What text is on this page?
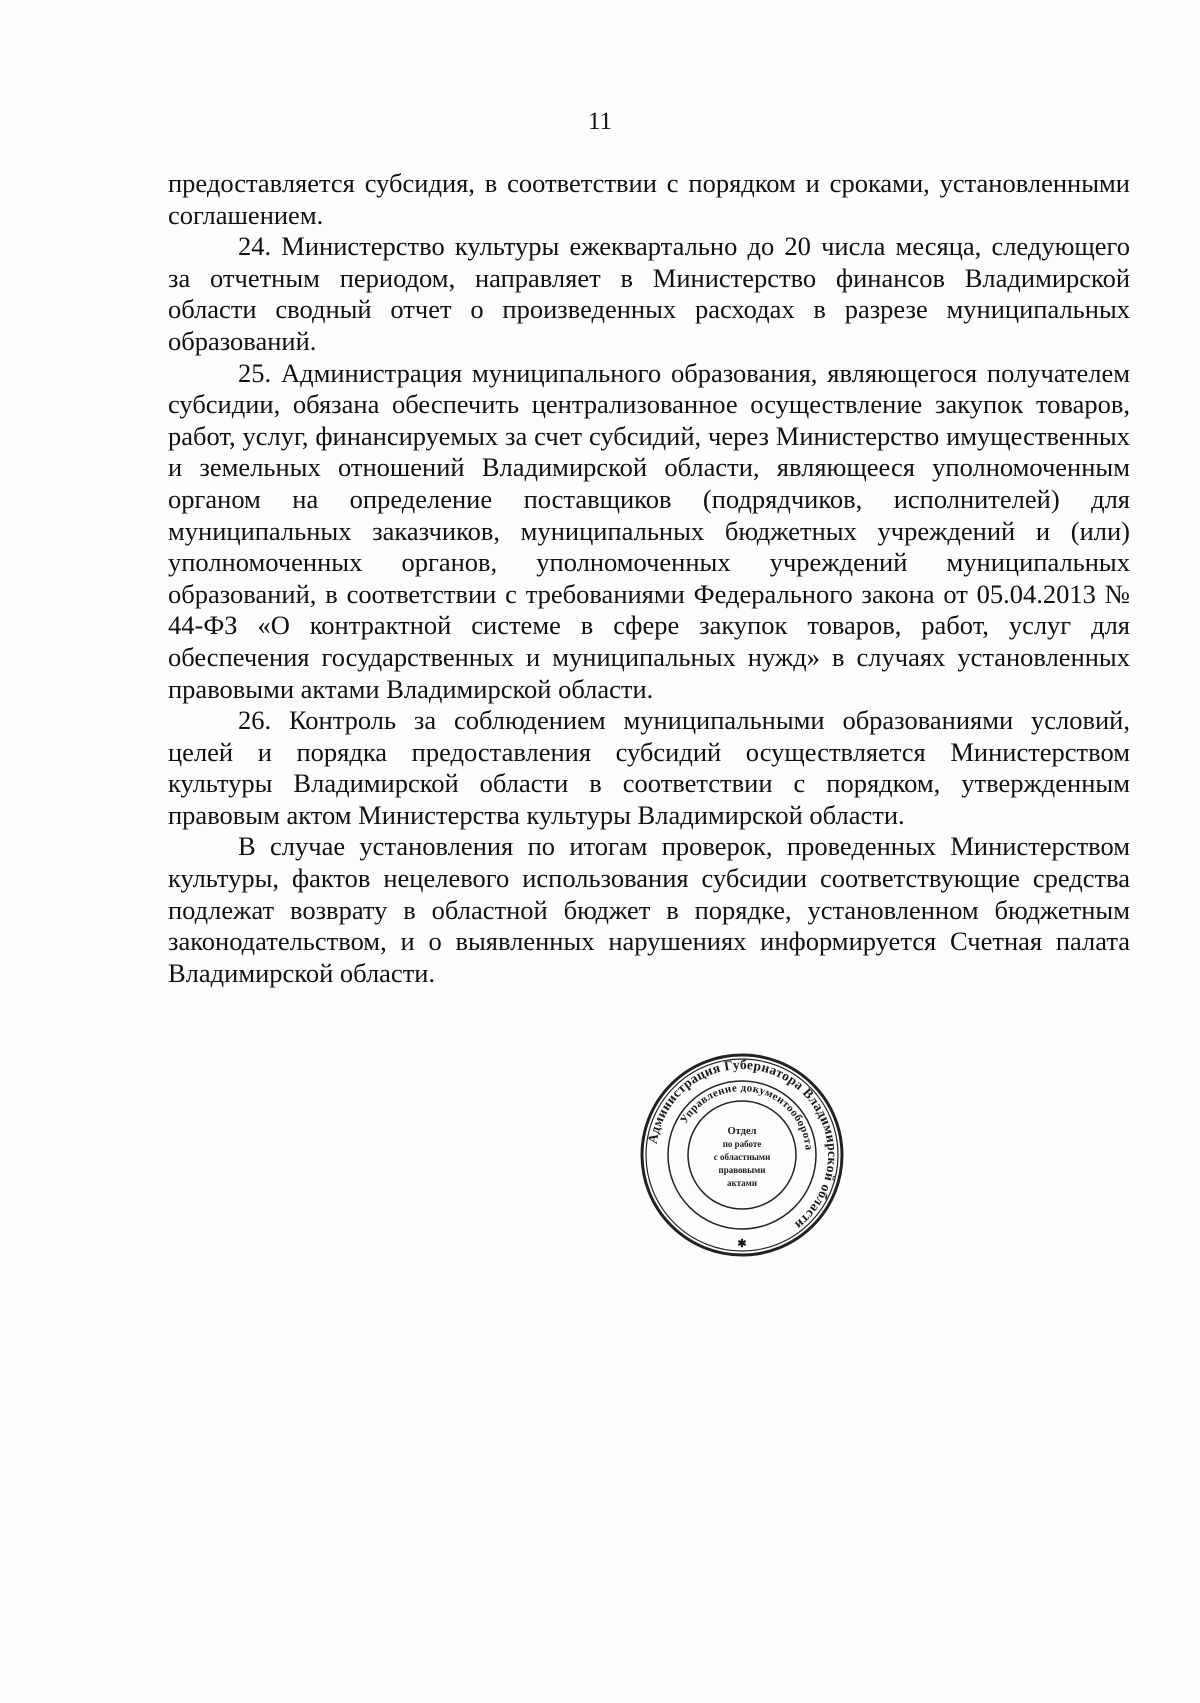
11

предоставляется субсидия, в соответствии с порядком и сроками, установленными соглашением.

24. Министерство культуры ежеквартально до 20 числа месяца, следующего за отчетным периодом, направляет в Министерство финансов Владимирской области сводный отчет о произведенных расходах в разрезе муниципальных образований.

25. Администрация муниципального образования, являющегося получателем субсидии, обязана обеспечить централизованное осуществление закупок товаров, работ, услуг, финансируемых за счет субсидий, через Министерство имущественных и земельных отношений Владимирской области, являющееся уполномоченным органом на определение поставщиков (подрядчиков, исполнителей) для муниципальных заказчиков, муниципальных бюджетных учреждений и (или) уполномоченных органов, уполномоченных учреждений муниципальных образований, в соответствии с требованиями Федерального закона от 05.04.2013 № 44-ФЗ «О контрактной системе в сфере закупок товаров, работ, услуг для обеспечения государственных и муниципальных нужд» в случаях установленных правовыми актами Владимирской области.

26. Контроль за соблюдением муниципальными образованиями условий, целей и порядка предоставления субсидий осуществляется Министерством культуры Владимирской области в соответствии с порядком, утвержденным правовым актом Министерства культуры Владимирской области.

В случае установления по итогам проверок, проведенных Министерством культуры, фактов нецелевого использования субсидии соответствующие средства подлежат возврату в областной бюджет в порядке, установленном бюджетным законодательством, и о выявленных нарушениях информируется Счетная палата Владимирской области.

Администрация Губернатора Владимирской области
Управление документооборота
Отдел
по работе
с областными
правовыми
актами
✱
